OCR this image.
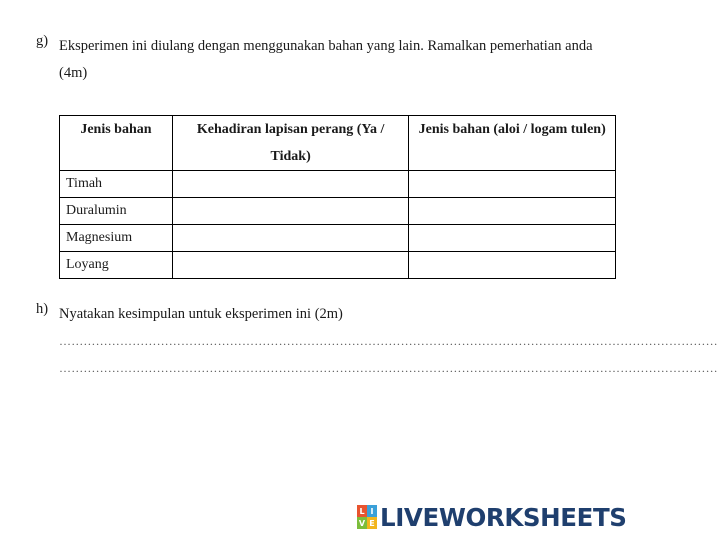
g) Eksperimen ini diulang dengan menggunakan bahan yang lain. Ramalkan pemerhatian anda (4m)
Jenis bahan	Kehadiran lapisan perang (Ya / Tidak)	Jenis bahan (aloi / logam tulen)
Timah		
Duralumin		
Magnesium		
Loyang		
h) Nyatakan kesimpulan untuk eksperimen ini (2m)
………………………………………………………………………………………………………………………………………………
………………………………………………………………………………………………………………………………………………
L I
V E LIVEWORKSHEETS
